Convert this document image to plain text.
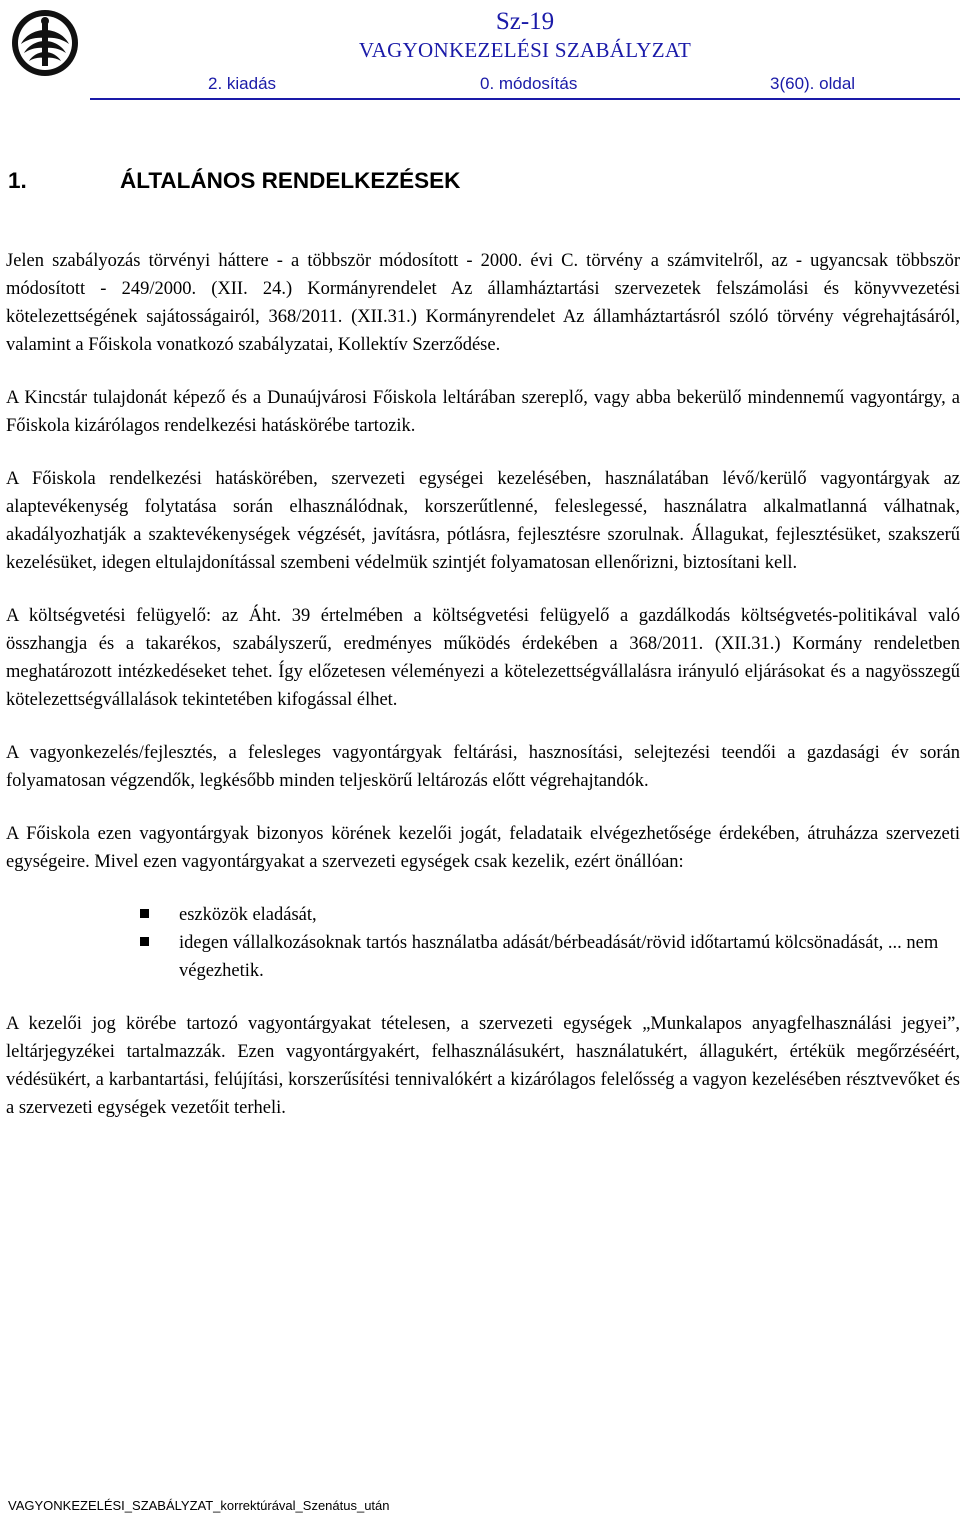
Sz-19
VAGYONKEZELÉSI SZABÁLYZAT
2. kiadás	0. módosítás	3(60). oldal
1.	ÁLTALÁNOS RENDELKEZÉSEK

Jelen szabályozás törvényi háttere - a többször módosított - 2000. évi C. törvény a számvitelről, az - ugyancsak többször módosított - 249/2000. (XII. 24.) Kormányrendelet Az államháztartási szervezetek felszámolási és könyvvezetési kötelezettségének sajátosságairól, 368/2011. (XII.31.) Kormányrendelet Az államháztartásról szóló törvény végrehajtásáról, valamint a Főiskola vonatkozó szabályzatai, Kollektív Szerződése.

A Kincstár tulajdonát képező és a Dunaújvárosi Főiskola leltárában szereplő, vagy abba bekerülő mindennemű vagyontárgy, a Főiskola kizárólagos rendelkezési hatáskörébe tartozik.

A Főiskola rendelkezési hatáskörében, szervezeti egységei kezelésében, használatában lévő/kerülő vagyontárgyak az alaptevékenység folytatása során elhasználódnak, korszerűtlenné, feleslegessé, használatra alkalmatlanná válhatnak, akadályozhatják a szaktevékenységek végzését, javításra, pótlásra, fejlesztésre szorulnak. Állagukat, fejlesztésüket, szakszerű kezelésüket, idegen eltulajdonítással szembeni védelmük szintjét folyamatosan ellenőrizni, biztosítani kell.

A költségvetési felügyelő: az Áht. 39 értelmében a költségvetési felügyelő a gazdálkodás költségvetés-politikával való összhangja és a takarékos, szabályszerű, eredményes működés érdekében a 368/2011. (XII.31.) Kormány rendeletben meghatározott intézkedéseket tehet. Így előzetesen véleményezi a kötelezettségvállalásra irányuló eljárásokat és a nagyösszegű kötelezettségvállalások tekintetében kifogással élhet.

A vagyonkezelés/fejlesztés, a felesleges vagyontárgyak feltárási, hasznosítási, selejtezési teendői a gazdasági év során folyamatosan végzendők, legkésőbb minden teljeskörű leltározás előtt végrehajtandók.

A Főiskola ezen vagyontárgyak bizonyos körének kezelői jogát, feladataik elvégezhetősége érdekében, átruházza szervezeti egységeire. Mivel ezen vagyontárgyakat a szervezeti egységek csak kezelik, ezért önállóan:

eszközök eladását,
idegen vállalkozásoknak tartós használatba adását/bérbeadását/rövid időtartamú kölcsönadását, ... nem végezhetik.

A kezelői jog körébe tartozó vagyontárgyakat tételesen, a szervezeti egységek „Munkalapos anyagfelhasználási jegyei”, leltárjegyzékei tartalmazzák. Ezen vagyontárgyakért, felhasználásukért, használatukért, állagukért, értékük megőrzéséért, védésükért, a karbantartási, felújítási, korszerűsítési tennivalókért a kizárólagos felelősség a vagyon kezelésében résztvevőket és a szervezeti egységek vezetőit terheli.

VAGYONKEZELÉSI_SZABÁLYZAT_korrektúrával_Szenátus_után
